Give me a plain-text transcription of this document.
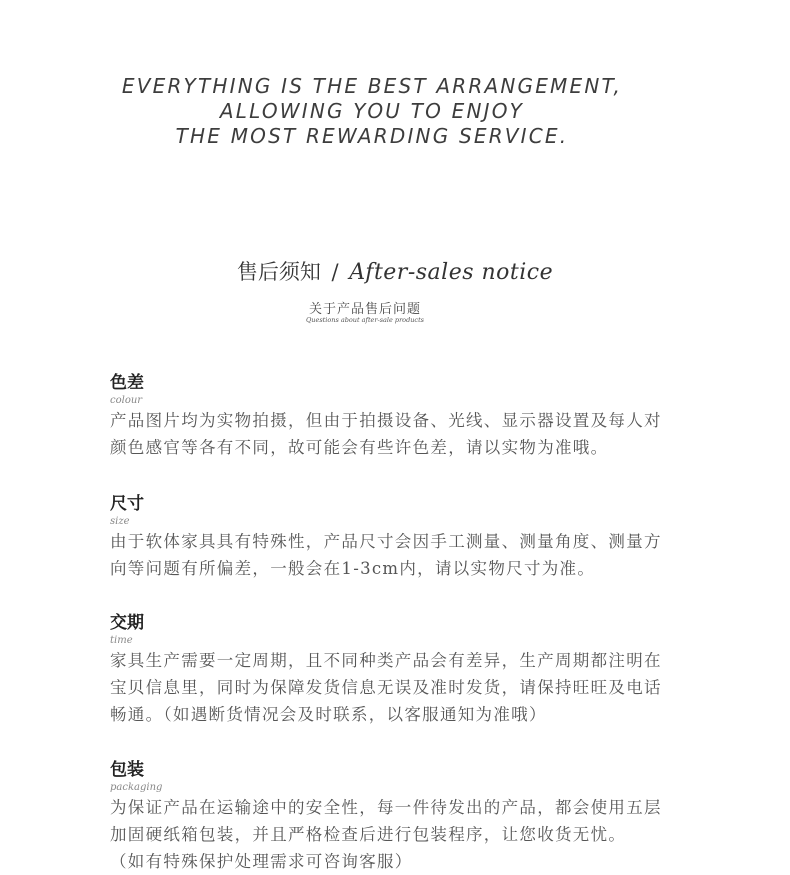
EVERYTHING IS THE BEST ARRANGEMENT,
ALLOWING YOU TO ENJOY
THE MOST REWARDING SERVICE.
售后须知 / After-sales notice
关于产品售后问题
Questions about after-sale products
色差
colour

产品图片均为实物拍摄，但由于拍摄设备、光线、显示器设置及每人对

颜色感官等各有不同，故可能会有些许色差，请以实物为准哦。

尺寸
size

由于软体家具具有特殊性，产品尺寸会因手工测量、测量角度、测量方

向等问题有所偏差，一般会在1-3cm内，请以实物尺寸为准。

交期
time

家具生产需要一定周期，且不同种类产品会有差异，生产周期都注明在

宝贝信息里，同时为保障发货信息无误及准时发货，请保持旺旺及电话

畅通。（如遇断货情况会及时联系，以客服通知为准哦）

包装
packaging

为保证产品在运输途中的安全性，每一件待发出的产品，都会使用五层

加固硬纸箱包装，并且严格检查后进行包装程序，让您收货无忧。

（如有特殊保护处理需求可咨询客服）
